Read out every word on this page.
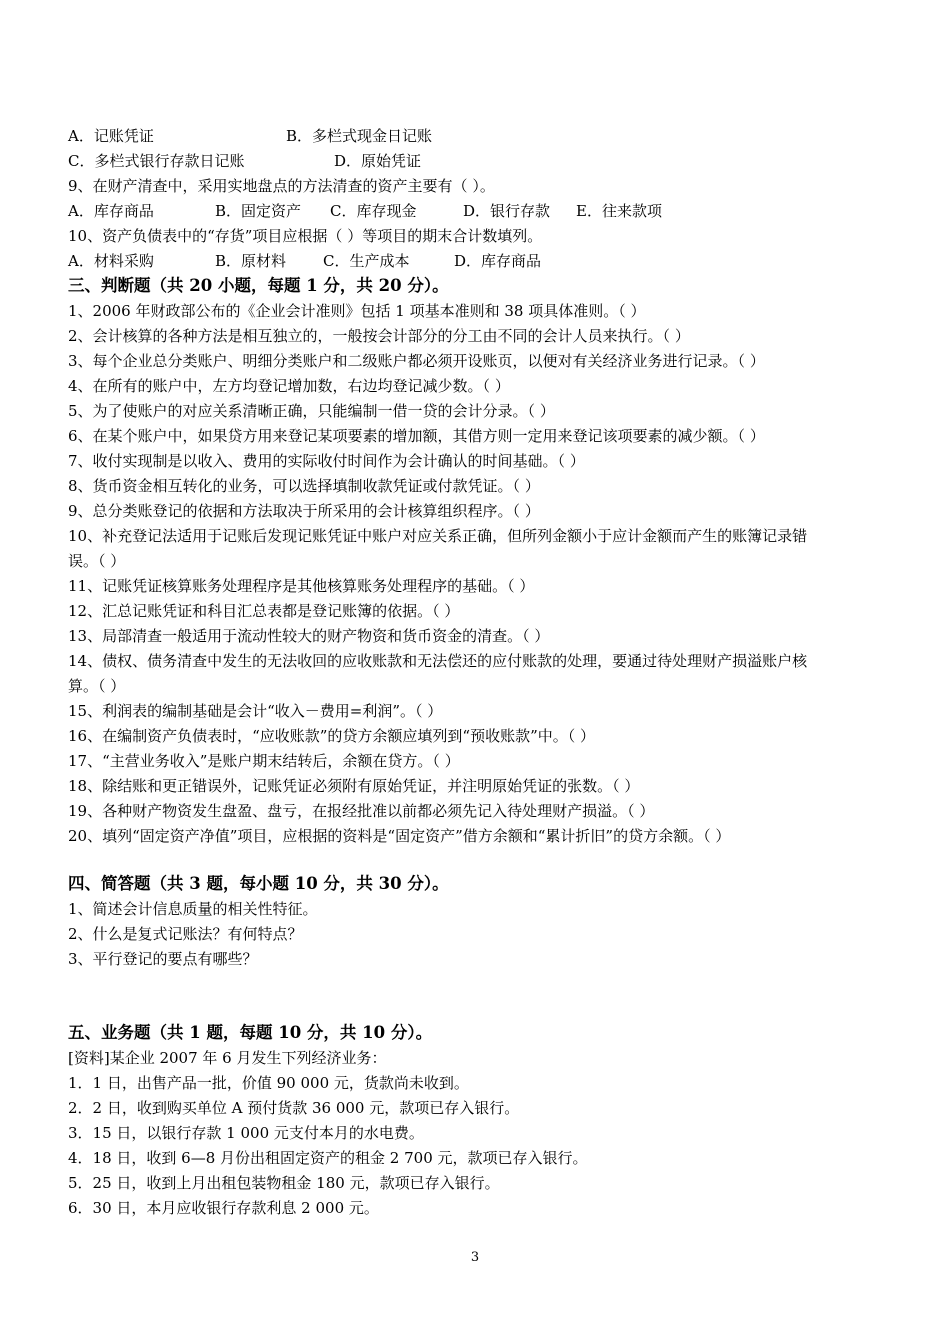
A．记账凭证	B．多栏式现金日记账
C．多栏式银行存款日记账	D．原始凭证
9、在财产清查中，采用实地盘点的方法清查的资产主要有（ ）。
A．库存商品	B．固定资产 C．库存现金	D．银行存款 E．往来款项
10、资产负债表中的“存货”项目应根据（ ）等项目的期末合计数填列。
A．材料采购	B．原材料 C．生产成本	D．库存商品
三、判断题（共 20 小题，每题 1 分，共 20 分）。
1、2006 年财政部公布的《企业会计准则》包括 1 项基本准则和 38 项具体准则。（ ）
2、会计核算的各种方法是相互独立的，一般按会计部分的分工由不同的会计人员来执行。（ ）
3、每个企业总分类账户、明细分类账户和二级账户都必须开设账页，以便对有关经济业务进行记录。（ ）
4、在所有的账户中，左方均登记增加数，右边均登记减少数。（ ）
5、为了使账户的对应关系清晰正确，只能编制一借一贷的会计分录。（ ）
6、在某个账户中，如果贷方用来登记某项要素的增加额，其借方则一定用来登记该项要素的减少额。（ ）
7、收付实现制是以收入、费用的实际收付时间作为会计确认的时间基础。（ ）
8、货币资金相互转化的业务，可以选择填制收款凭证或付款凭证。（ ）
9、总分类账登记的依据和方法取决于所采用的会计核算组织程序。（ ）
10、补充登记法适用于记账后发现记账凭证中账户对应关系正确，但所列金额小于应计金额而产生的账簿记录错
误。（ ）
11、记账凭证核算账务处理程序是其他核算账务处理程序的基础。（ ）
12、汇总记账凭证和科目汇总表都是登记账簿的依据。（ ）
13、局部清查一般适用于流动性较大的财产物资和货币资金的清查。（ ）
14、债权、债务清查中发生的无法收回的应收账款和无法偿还的应付账款的处理，要通过待处理财产损溢账户核
算。（ ）
15、利润表的编制基础是会计“收入－费用=利润”。（ ）
16、在编制资产负债表时，“应收账款”的贷方余额应填列到“预收账款”中。（ ）
17、“主营业务收入”是账户期末结转后，余额在贷方。（ ）
18、除结账和更正错误外，记账凭证必须附有原始凭证，并注明原始凭证的张数。（ ）
19、各种财产物资发生盘盈、盘亏，在报经批准以前都必须先记入待处理财产损溢。（ ）
20、填列“固定资产净值”项目，应根据的资料是“固定资产”借方余额和“累计折旧”的贷方余额。（ ）
四、简答题（共 3 题，每小题 10 分，共 30 分）。
1、简述会计信息质量的相关性特征。
2、什么是复式记账法？有何特点？
3、平行登记的要点有哪些？
五、业务题（共 1 题，每题 10 分，共 10 分）。
[资料]某企业 2007 年 6 月发生下列经济业务：
1．1 日，出售产品一批，价值 90 000 元，货款尚未收到。
2．2 日，收到购买单位 A 预付货款 36 000 元，款项已存入银行。
3．15 日，以银行存款 1 000 元支付本月的水电费。
4．18 日，收到 6—8 月份出租固定资产的租金 2 700 元，款项已存入银行。
5．25 日，收到上月出租包装物租金 180 元，款项已存入银行。
6．30 日，本月应收银行存款利息 2 000 元。
3
